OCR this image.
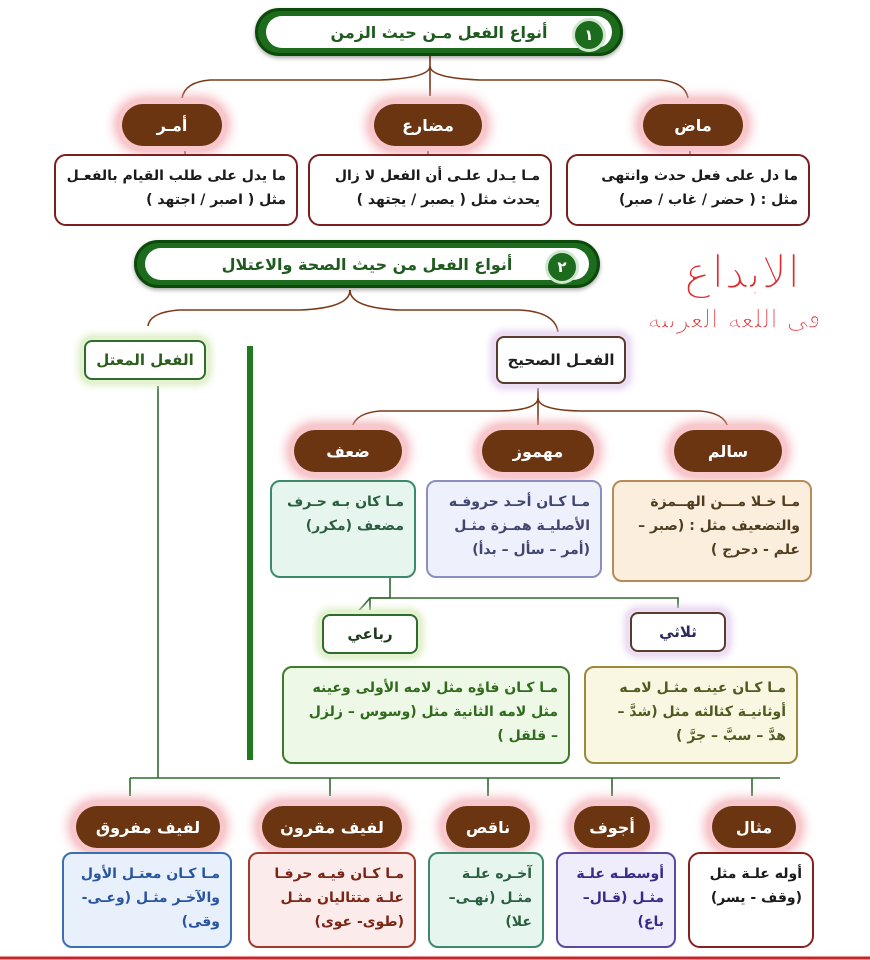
أنواع الفعل مـن حيث الزمن	١
ماض
مضارع
أمـر
ما دل على فعل حدث وانتهى
مثل : ( حضر / غاب / صبر)
مـا يـدل علـى أن الفعل لا زال
يحدث مثل ( يصبر / يجتهد )
ما يدل على طلب القيام بالفعـل
مثل ( اصبر / اجتهد )
أنواع الفعل من حيث الصحة والاعتلال	٢	الإبداع
في اللغة العربية
الفعـل الصحيح
الفعل المعتل
سالم
مهموز
ضعف
مـا خـلا مـــن الهــمزة
والتضعيف مثل : (صبر –
علم - دحرج )
مـا كـان أحـد حروفـه
الأصليـة همـزة مثـل
(أمر – سأل – بدأ)
مـا كان بـه حـرف
مضعف (مكرر)
ثلاثي
رباعي
مـا كـان عينـه مثـل لامـه
أوثانيـة كثالثه مثل (شدَّ –
هدَّ – سبَّ – جرَّ )
مـا كـان فاؤه مثل لامه الأولى وعينه
مثل لامه الثانية مثل (وسوس – زلزل
– قلقل )
مثال
أجوف
ناقص
لفيف مقرون
لفيف مفروق
أوله علـة مثل
(وقف - يسر)
أوسطـه علـة
مثـل (قـال–
باع)
آخـره علـة
مثـل (نهـى–
علا)
مـا كـان فيـه حرفـا
علـة متتاليان مثـل
(طوى- عوى)
مـا كـان معتـل الأول
والآخـر مثـل (وعـى-
وقى)
